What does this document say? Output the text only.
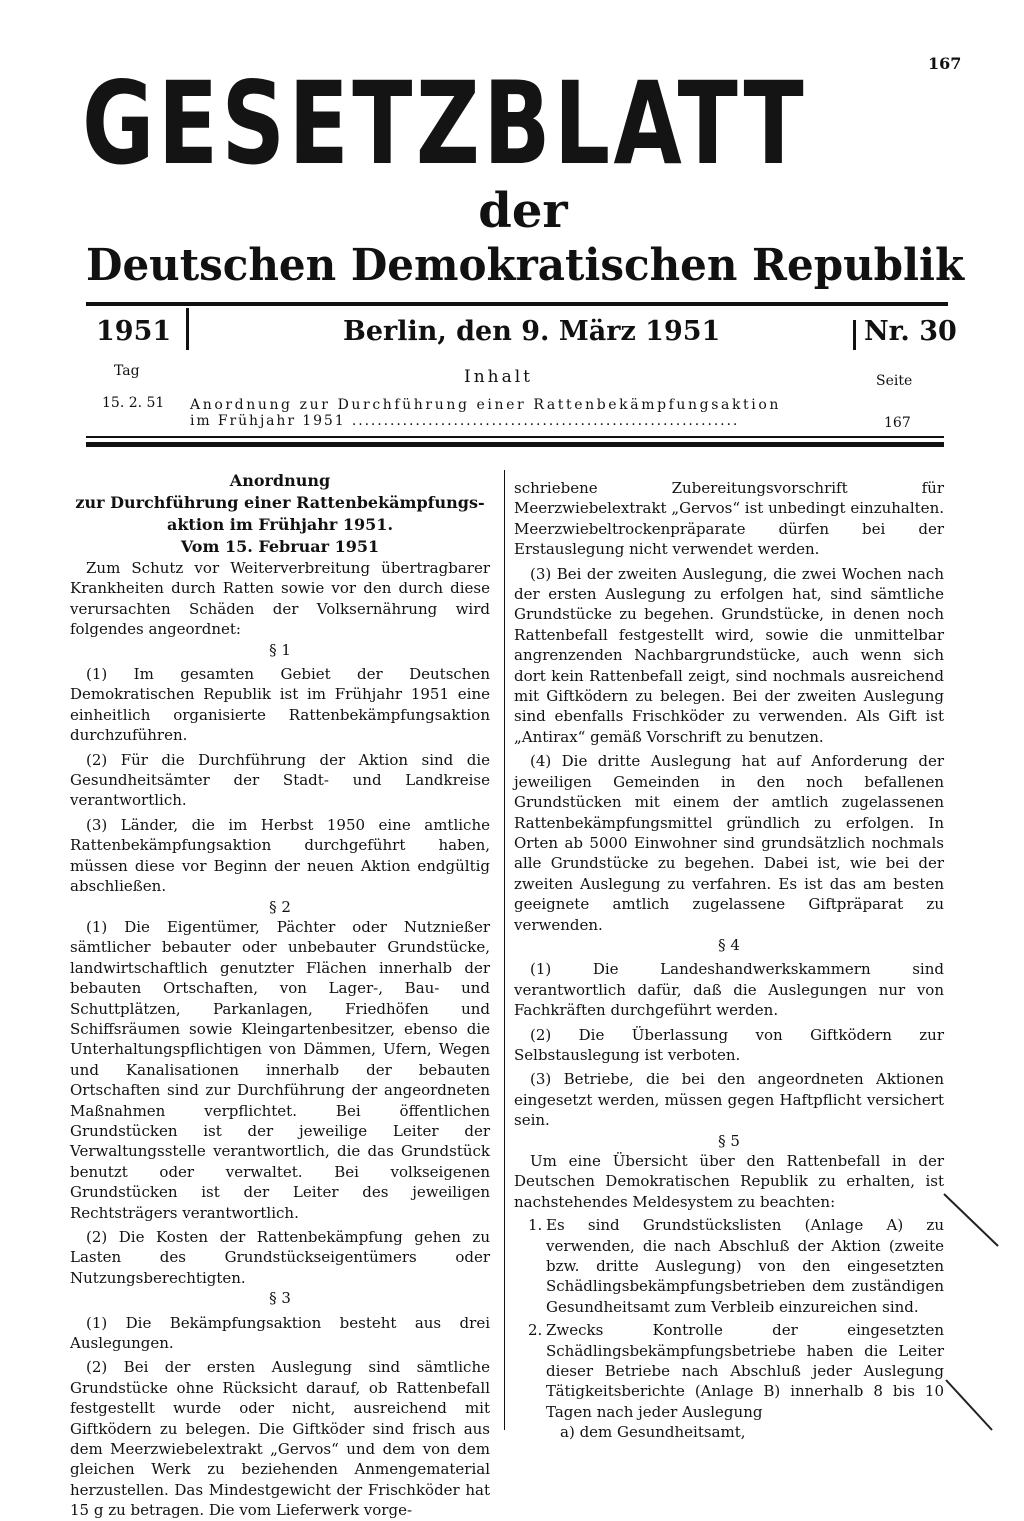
167
GESETZBLATT
der
Deutschen Demokratischen Republik
1951	Berlin, den 9. März 1951	Nr. 30
Tag	Inhalt	Seite
15. 2. 51 Anordnung zur Durchführung einer Rattenbekämpfungsaktion
im Frühjahr 1951 .............................................................	167

Anordnung

zur Durchführung einer Rattenbekämpfungs-

aktion im Frühjahr 1951.

Vom 15. Februar 1951

Zum Schutz vor Weiterverbreitung übertragbarer Krankheiten durch Ratten sowie vor den durch diese verursachten Schäden der Volksernährung wird folgendes angeordnet:

§ 1

(1) Im gesamten Gebiet der Deutschen Demokratischen Republik ist im Frühjahr 1951 eine einheitlich organisierte Rattenbekämpfungsaktion durchzuführen.

(2) Für die Durchführung der Aktion sind die Gesundheitsämter der Stadt- und Landkreise verantwortlich.

(3) Länder, die im Herbst 1950 eine amtliche Rattenbekämpfungsaktion durchgeführt haben, müssen diese vor Beginn der neuen Aktion endgültig abschließen.

§ 2

(1) Die Eigentümer, Pächter oder Nutznießer sämtlicher bebauter oder unbebauter Grundstücke, landwirtschaftlich genutzter Flächen innerhalb der bebauten Ortschaften, von Lager-, Bau- und Schuttplätzen, Parkanlagen, Friedhöfen und Schiffsräumen sowie Kleingartenbesitzer, ebenso die Unterhaltungspflichtigen von Dämmen, Ufern, Wegen und Kanalisationen innerhalb der bebauten Ortschaften sind zur Durchführung der angeordneten Maßnahmen verpflichtet. Bei öffentlichen Grundstücken ist der jeweilige Leiter der Verwaltungsstelle verantwortlich, die das Grundstück benutzt oder verwaltet. Bei volkseigenen Grundstücken ist der Leiter des jeweiligen Rechtsträgers verantwortlich.

(2) Die Kosten der Rattenbekämpfung gehen zu Lasten des Grundstückseigentümers oder Nutzungsberechtigten.

§ 3

(1) Die Bekämpfungsaktion besteht aus drei Auslegungen.

(2) Bei der ersten Auslegung sind sämtliche Grundstücke ohne Rücksicht darauf, ob Rattenbefall festgestellt wurde oder nicht, ausreichend mit Giftködern zu belegen. Die Giftköder sind frisch aus dem Meerzwiebelextrakt „Gervos“ und dem von dem gleichen Werk zu beziehenden Anmengematerial herzustellen. Das Mindestgewicht der Frischköder hat 15 g zu betragen. Die vom Lieferwerk vorge-

schriebene Zubereitungsvorschrift für Meerzwiebelextrakt „Gervos“ ist unbedingt einzuhalten. Meerzwiebeltrockenpräparate dürfen bei der Erstauslegung nicht verwendet werden.

(3) Bei der zweiten Auslegung, die zwei Wochen nach der ersten Auslegung zu erfolgen hat, sind sämtliche Grundstücke zu begehen. Grundstücke, in denen noch Rattenbefall festgestellt wird, sowie die unmittelbar angrenzenden Nachbargrundstücke, auch wenn sich dort kein Rattenbefall zeigt, sind nochmals ausreichend mit Giftködern zu belegen. Bei der zweiten Auslegung sind ebenfalls Frischköder zu verwenden. Als Gift ist „Antirax“ gemäß Vorschrift zu benutzen.

(4) Die dritte Auslegung hat auf Anforderung der jeweiligen Gemeinden in den noch befallenen Grundstücken mit einem der amtlich zugelassenen Rattenbekämpfungsmittel gründlich zu erfolgen. In Orten ab 5000 Einwohner sind grundsätzlich nochmals alle Grundstücke zu begehen. Dabei ist, wie bei der zweiten Auslegung zu verfahren. Es ist das am besten geeignete amtlich zugelassene Giftpräparat zu verwenden.

§ 4

(1) Die Landeshandwerkskammern sind verantwortlich dafür, daß die Auslegungen nur von Fachkräften durchgeführt werden.

(2) Die Überlassung von Giftködern zur Selbstauslegung ist verboten.

(3) Betriebe, die bei den angeordneten Aktionen eingesetzt werden, müssen gegen Haftpflicht versichert sein.

§ 5

Um eine Übersicht über den Rattenbefall in der Deutschen Demokratischen Republik zu erhalten, ist nachstehendes Meldesystem zu beachten:

1. Es sind Grundstückslisten (Anlage A) zu verwenden, die nach Abschluß der Aktion (zweite bzw. dritte Auslegung) von den eingesetzten Schädlingsbekämpfungsbetrieben dem zuständigen Gesundheitsamt zum Verbleib einzureichen sind.
2. Zwecks Kontrolle der eingesetzten Schädlingsbekämpfungsbetriebe haben die Leiter dieser Betriebe nach Abschluß jeder Auslegung Tätigkeitsberichte (Anlage B) innerhalb 8 bis 10 Tagen nach jeder Auslegung

a) dem Gesundheitsamt,
